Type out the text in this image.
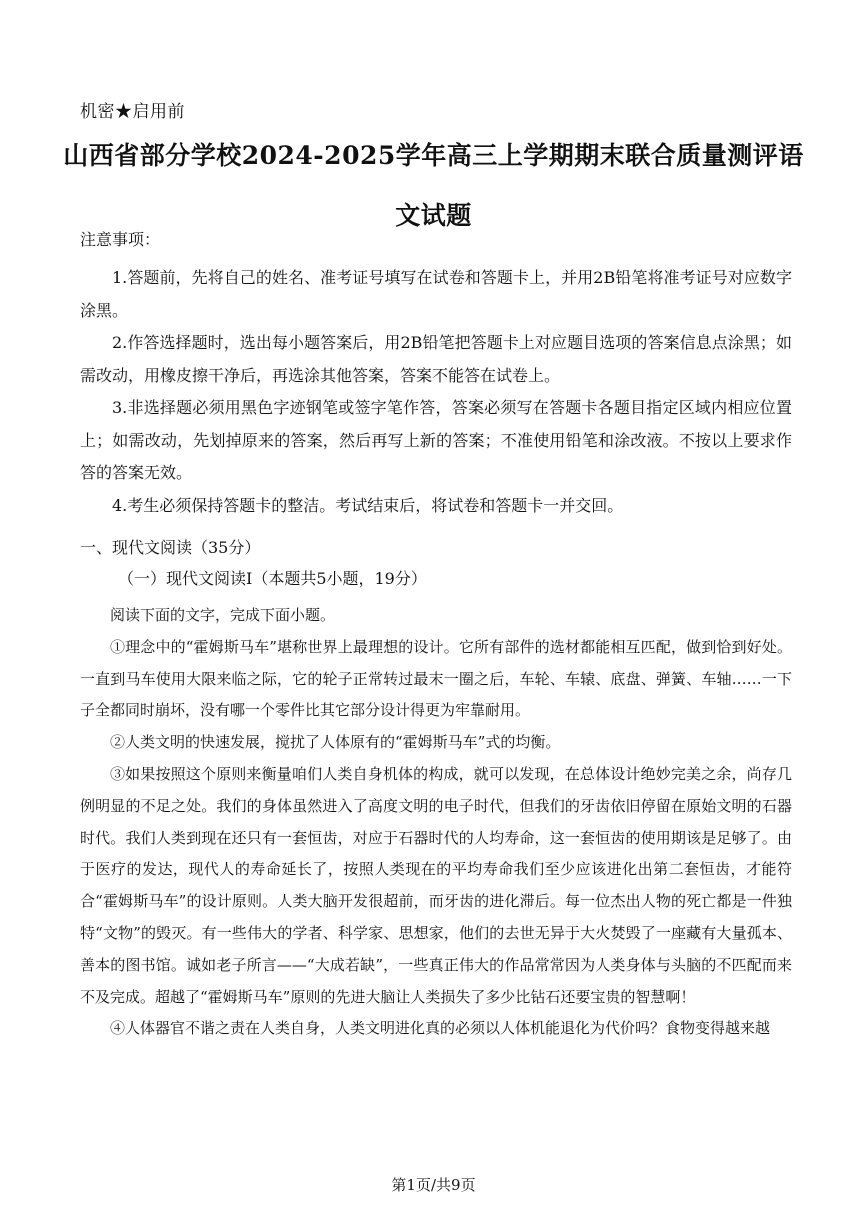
机密★启用前
山西省部分学校2024-2025学年高三上学期期末联合质量测评语文试题
注意事项：

1.答题前，先将自己的姓名、准考证号填写在试卷和答题卡上，并用2B铅笔将准考证号对应数字涂黑。

2.作答选择题时，选出每小题答案后，用2B铅笔把答题卡上对应题目选项的答案信息点涂黑；如需改动，用橡皮擦干净后，再选涂其他答案，答案不能答在试卷上。

3.非选择题必须用黑色字迹钢笔或签字笔作答，答案必须写在答题卡各题目指定区域内相应位置上；如需改动，先划掉原来的答案，然后再写上新的答案；不准使用铅笔和涂改液。不按以上要求作答的答案无效。

4.考生必须保持答题卡的整洁。考试结束后，将试卷和答题卡一并交回。

一、现代文阅读（35分）
（一）现代文阅读Ⅰ（本题共5小题，19分）

阅读下面的文字，完成下面小题。

①理念中的“霍姆斯马车”堪称世界上最理想的设计。它所有部件的选材都能相互匹配，做到恰到好处。一直到马车使用大限来临之际，它的轮子正常转过最末一圈之后，车轮、车辕、底盘、弹簧、车轴……一下子全都同时崩坏，没有哪一个零件比其它部分设计得更为牢靠耐用。

②人类文明的快速发展，搅扰了人体原有的“霍姆斯马车”式的均衡。

③如果按照这个原则来衡量咱们人类自身机体的构成，就可以发现，在总体设计绝妙完美之余，尚存几例明显的不足之处。我们的身体虽然进入了高度文明的电子时代，但我们的牙齿依旧停留在原始文明的石器时代。我们人类到现在还只有一套恒齿，对应于石器时代的人均寿命，这一套恒齿的使用期该是足够了。由于医疗的发达，现代人的寿命延长了，按照人类现在的平均寿命我们至少应该进化出第二套恒齿，才能符合“霍姆斯马车”的设计原则。人类大脑开发很超前，而牙齿的进化滞后。每一位杰出人物的死亡都是一件独特“文物”的毁灭。有一些伟大的学者、科学家、思想家，他们的去世无异于大火焚毁了一座藏有大量孤本、善本的图书馆。诚如老子所言——“大成若缺”，一些真正伟大的作品常常因为人类身体与头脑的不匹配而来不及完成。超越了“霍姆斯马车”原则的先进大脑让人类损失了多少比钻石还要宝贵的智慧啊！

④人体器官不谐之责在人类自身，人类文明进化真的必须以人体机能退化为代价吗？食物变得越来越

第1页/共9页
